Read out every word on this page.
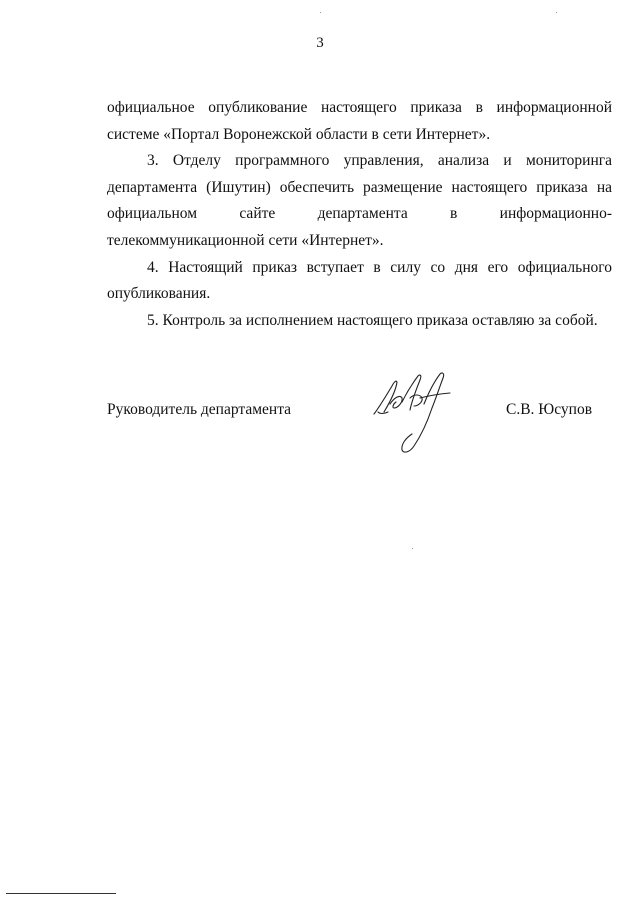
3

официальное опубликование настоящего приказа в информационной системе «Портал Воронежской области в сети Интернет».

3. Отделу программного управления, анализа и мониторинга департамента (Ишутин) обеспечить размещение настоящего приказа на официальном сайте департамента в информационно-телекоммуникационной сети «Интернет».

4. Настоящий приказ вступает в силу со дня его официального опубликования.

5. Контроль за исполнением настоящего приказа оставляю за собой.

Руководитель департамента	С.В. Юсупов
